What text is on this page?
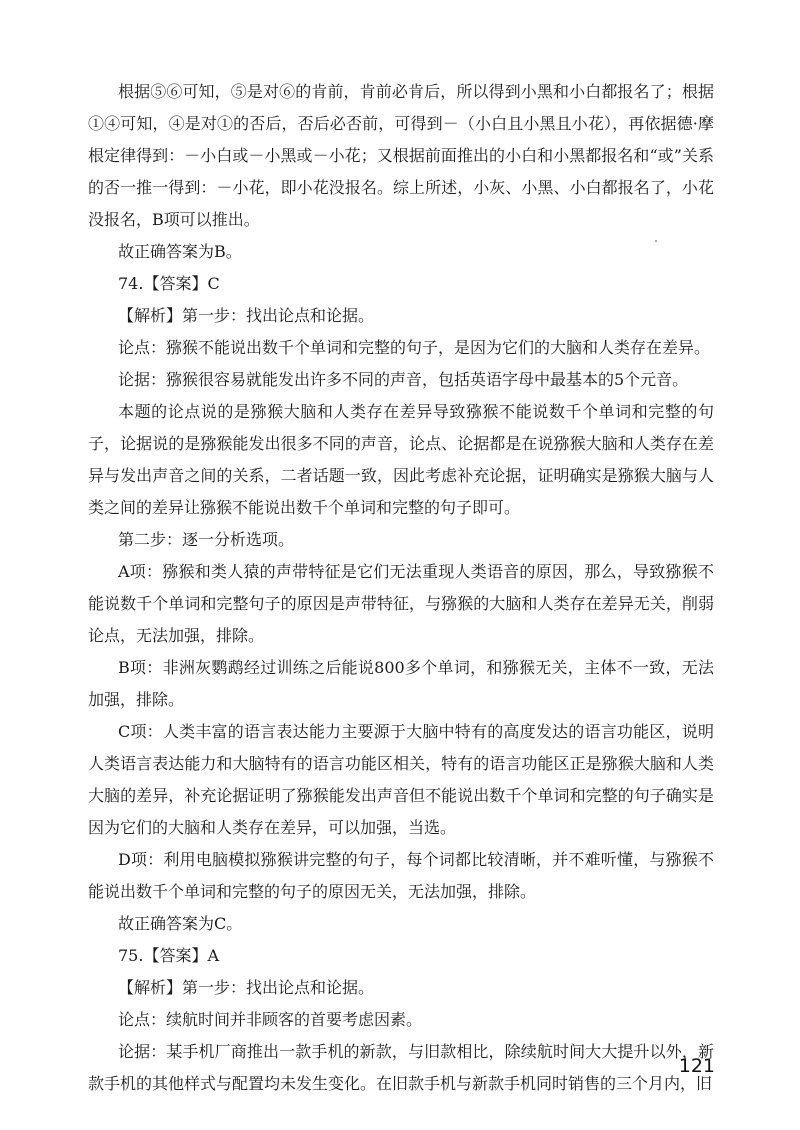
根据⑤⑥可知，⑤是对⑥的肯前，肯前必肯后，所以得到小黑和小白都报名了；根据①④可知，④是对①的否后，否后必否前，可得到－（小白且小黑且小花），再依据德·摩根定律得到：－小白或－小黑或－小花；又根据前面推出的小白和小黑都报名和“或”关系的否一推一得到：－小花，即小花没报名。综上所述，小灰、小黑、小白都报名了，小花没报名，B项可以推出。

故正确答案为B。

74.【答案】C

【解析】第一步：找出论点和论据。

论点：猕猴不能说出数千个单词和完整的句子，是因为它们的大脑和人类存在差异。

论据：猕猴很容易就能发出许多不同的声音，包括英语字母中最基本的5个元音。

本题的论点说的是猕猴大脑和人类存在差异导致猕猴不能说数千个单词和完整的句子，论据说的是猕猴能发出很多不同的声音，论点、论据都是在说猕猴大脑和人类存在差异与发出声音之间的关系，二者话题一致，因此考虑补充论据，证明确实是猕猴大脑与人类之间的差异让猕猴不能说出数千个单词和完整的句子即可。

第二步：逐一分析选项。

A项：猕猴和类人猿的声带特征是它们无法重现人类语音的原因，那么，导致猕猴不能说数千个单词和完整句子的原因是声带特征，与猕猴的大脑和人类存在差异无关，削弱论点，无法加强，排除。

B项：非洲灰鹦鹉经过训练之后能说800多个单词，和猕猴无关，主体不一致，无法加强，排除。

C项：人类丰富的语言表达能力主要源于大脑中特有的高度发达的语言功能区，说明人类语言表达能力和大脑特有的语言功能区相关，特有的语言功能区正是猕猴大脑和人类大脑的差异，补充论据证明了猕猴能发出声音但不能说出数千个单词和完整的句子确实是因为它们的大脑和人类存在差异，可以加强，当选。

D项：利用电脑模拟猕猴讲完整的句子，每个词都比较清晰，并不难听懂，与猕猴不能说出数千个单词和完整的句子的原因无关，无法加强，排除。

故正确答案为C。

75.【答案】A

【解析】第一步：找出论点和论据。

论点：续航时间并非顾客的首要考虑因素。

论据：某手机厂商推出一款手机的新款，与旧款相比，除续航时间大大提升以外，新款手机的其他样式与配置均未发生变化。在旧款手机与新款手机同时销售的三个月内，旧

121
